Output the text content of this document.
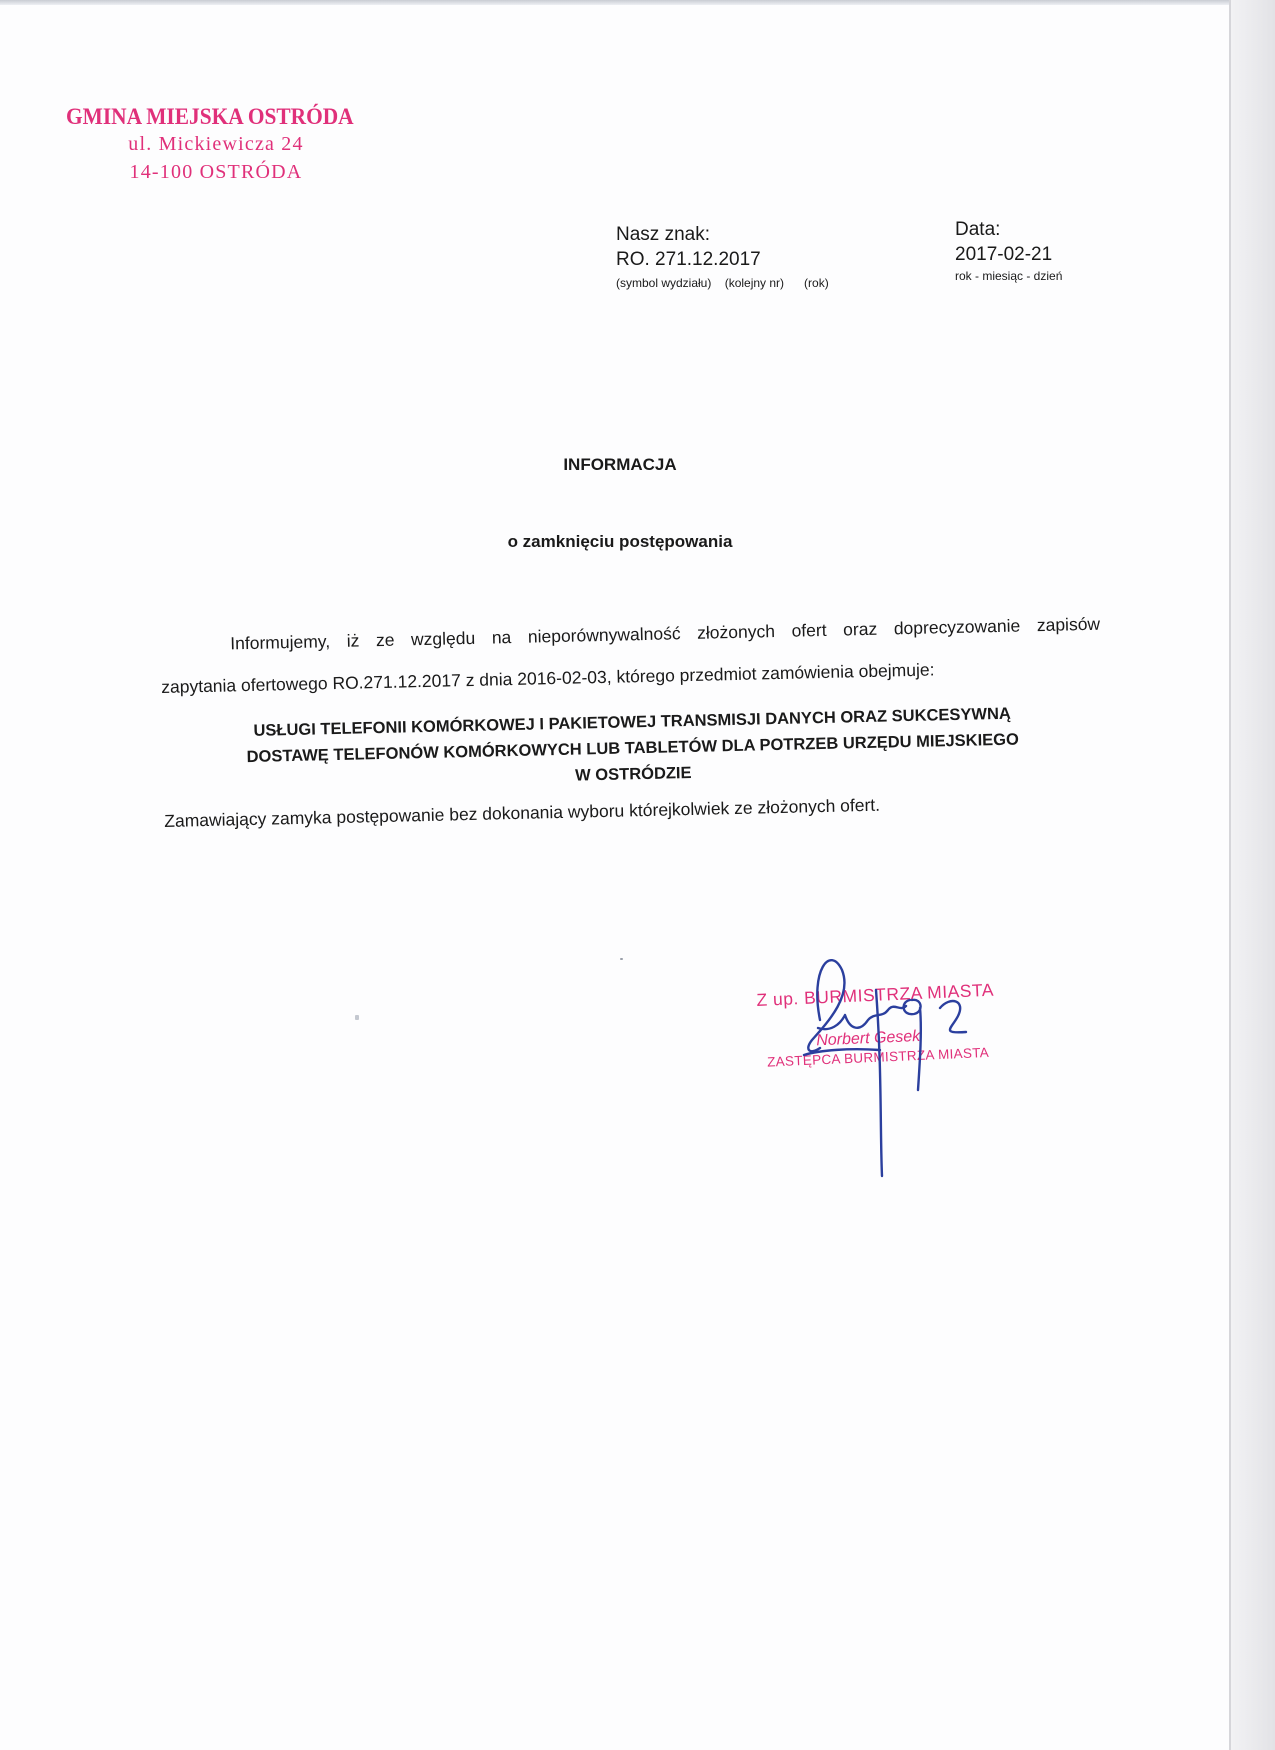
GMINA MIEJSKA OSTRÓDA
ul. Mickiewicza 24
14-100 OSTRÓDA
Nasz znak:
RO. 271.12.2017
(symbol wydziału)    (kolejny nr)      (rok)
Data:
2017-02-21
rok - miesiąc - dzień
INFORMACJA
o zamknięciu postępowania

Informujemy, iż ze względu na nieporównywalność złożonych ofert oraz doprecyzowanie zapisów

zapytania ofertowego RO.271.12.2017 z dnia 2016-02-03, którego przedmiot zamówienia obejmuje:
USŁUGI TELEFONII KOMÓRKOWEJ I PAKIETOWEJ TRANSMISJI DANYCH ORAZ SUKCESYWNĄ
DOSTAWĘ TELEFONÓW KOMÓRKOWYCH LUB TABLETÓW DLA POTRZEB URZĘDU MIEJSKIEGO
W OSTRÓDZIE
Zamawiający zamyka postępowanie bez dokonania wyboru którejkolwiek ze złożonych ofert.
Z up. BURMISTRZA MIASTA
Norbert Gesek
ZASTĘPCA BURMISTRZA MIASTA
